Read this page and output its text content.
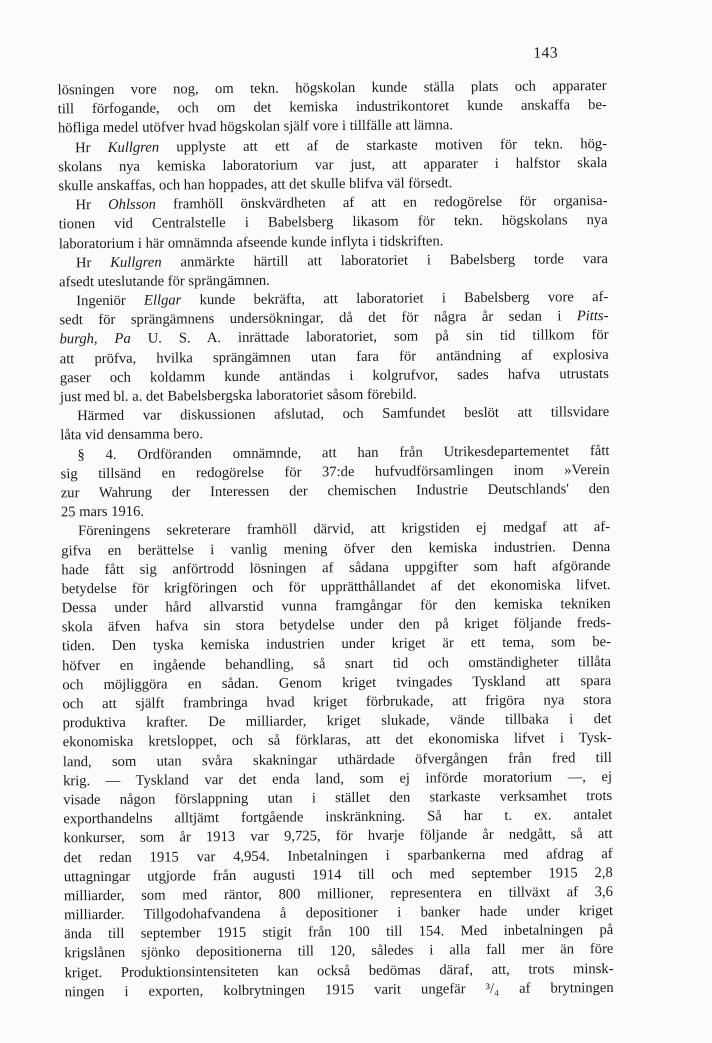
143
lösningen vore nog, om tekn. högskolan kunde ställa plats och apparater
till förfogande, och om det kemiska industrikontoret kunde anskaffa be-
höfliga medel utöfver hvad högskolan själf vore i tillfälle att lämna.
Hr Kullgren upplyste att ett af de starkaste motiven för tekn. hög-
skolans nya kemiska laboratorium var just, att apparater i halfstor skala
skulle anskaffas, och han hoppades, att det skulle blifva väl försedt.
Hr Ohlsson framhöll önskvärdheten af att en redogörelse för organisa-
tionen vid Centralstelle i Babelsberg likasom för tekn. högskolans nya
laboratorium i här omnämnda afseende kunde inflyta i tidskriften.
Hr Kullgren anmärkte härtill att laboratoriet i Babelsberg torde vara
afsedt uteslutande för sprängämnen.
Ingeniör Ellgar kunde bekräfta, att laboratoriet i Babelsberg vore af-
sedt för sprängämnens undersökningar, då det för några år sedan i Pitts-
burgh, Pa U. S. A. inrättade laboratoriet, som på sin tid tillkom för
att pröfva, hvilka sprängämnen utan fara för antändning af explosiva
gaser och koldamm kunde antändas i kolgrufvor, sades hafva utrustats
just med bl. a. det Babelsbergska laboratoriet såsom förebild.
Härmed var diskussionen afslutad, och Samfundet beslöt att tillsvidare
låta vid densamma bero.
§ 4. Ordföranden omnämnde, att han från Utrikesdepartementet fått
sig tillsänd en redogörelse för 37:de hufvudförsamlingen inom »Verein
zur Wahrung der Interessen der chemischen Industrie Deutschlands' den
25 mars 1916.
Föreningens sekreterare framhöll därvid, att krigstiden ej medgaf att af-
gifva en berättelse i vanlig mening öfver den kemiska industrien. Denna
hade fått sig anförtrodd lösningen af sådana uppgifter som haft afgörande
betydelse för krigföringen och för upprätthållandet af det ekonomiska lifvet.
Dessa under hård allvarstid vunna framgångar för den kemiska tekniken
skola äfven hafva sin stora betydelse under den på kriget följande freds-
tiden. Den tyska kemiska industrien under kriget är ett tema, som be-
höfver en ingående behandling, så snart tid och omständigheter tillåta
och möjliggöra en sådan. Genom kriget tvingades Tyskland att spara
och att själft frambringa hvad kriget förbrukade, att frigöra nya stora
produktiva krafter. De milliarder, kriget slukade, vände tillbaka i det
ekonomiska kretsloppet, och så förklaras, att det ekonomiska lifvet i Tysk-
land, som utan svåra skakningar uthärdade öfvergången från fred till
krig. — Tyskland var det enda land, som ej införde moratorium —, ej
visade någon förslappning utan i stället den starkaste verksamhet trots
exporthandelns alltjämt fortgående inskränkning. Så har t. ex. antalet
konkurser, som år 1913 var 9,725, för hvarje följande år nedgått, så att
det redan 1915 var 4,954. Inbetalningen i sparbankerna med afdrag af
uttagningar utgjorde från augusti 1914 till och med september 1915 2,8
milliarder, som med räntor, 800 millioner, representera en tillväxt af 3,6
milliarder. Tillgodohafvandena å depositioner i banker hade under kriget
ända till september 1915 stigit från 100 till 154. Med inbetalningen på
krigslånen sjönko depositionerna till 120, således i alla fall mer än före
kriget. Produktionsintensiteten kan också bedömas däraf, att, trots minsk-
ningen i exporten, kolbrytningen 1915 varit ungefär ³/₄ af brytningen
